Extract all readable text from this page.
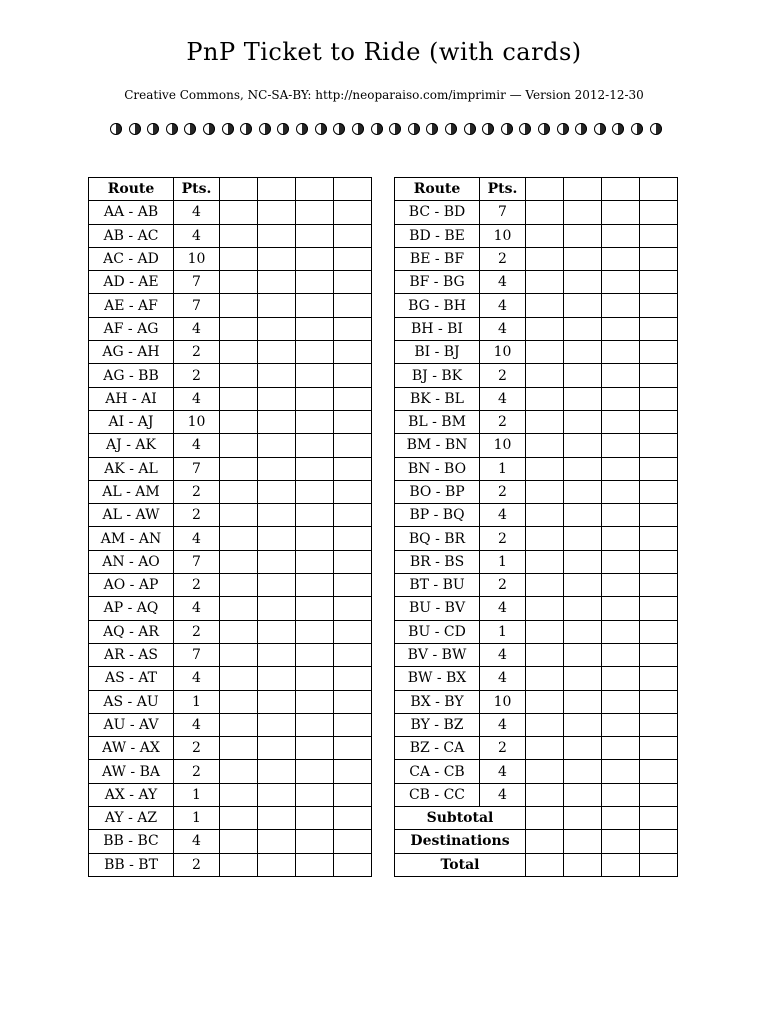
PnP Ticket to Ride (with cards)
Creative Commons, NC-SA-BY: http://neoparaiso.com/imprimir — Version 2012-12-30
Route	Pts.				
AA - AB	4				
AB - AC	4				
AC - AD	10				
AD - AE	7				
AE - AF	7				
AF - AG	4				
AG - AH	2				
AG - BB	2				
AH - AI	4				
AI - AJ	10				
AJ - AK	4				
AK - AL	7				
AL - AM	2				
AL - AW	2				
AM - AN	4				
AN - AO	7				
AO - AP	2				
AP - AQ	4				
AQ - AR	2				
AR - AS	7				
AS - AT	4				
AS - AU	1				
AU - AV	4				
AW - AX	2				
AW - BA	2				
AX - AY	1				
AY - AZ	1				
BB - BC	4				
BB - BT	2				
Route	Pts.				
BC - BD	7				
BD - BE	10				
BE - BF	2				
BF - BG	4				
BG - BH	4				
BH - BI	4				
BI - BJ	10				
BJ - BK	2				
BK - BL	4				
BL - BM	2				
BM - BN	10				
BN - BO	1				
BO - BP	2				
BP - BQ	4				
BQ - BR	2				
BR - BS	1				
BT - BU	2				
BU - BV	4				
BU - CD	1				
BV - BW	4				
BW - BX	4				
BX - BY	10				
BY - BZ	4				
BZ - CA	2				
CA - CB	4				
CB - CC	4				
Subtotal					
Destinations					
Total					
